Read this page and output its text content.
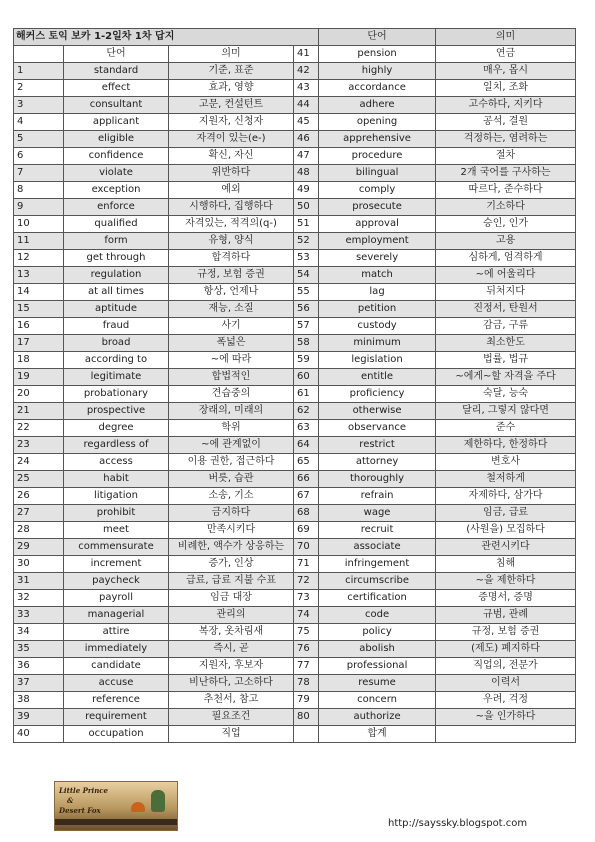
해커스 토익 보카 1-2일차 1차 답지				단어	의미
	단어	의미	41	pension	연금
1	standard	기준, 표준	42	highly	매우, 몹시
2	effect	효과, 영향	43	accordance	일치, 조화
3	consultant	고문, 컨설턴트	44	adhere	고수하다, 지키다
4	applicant	지원자, 신청자	45	opening	공석, 결원
5	eligible	자격이 있는(e-)	46	apprehensive	걱정하는, 염려하는
6	confidence	확신, 자신	47	procedure	절차
7	violate	위반하다	48	bilingual	2개 국어를 구사하는
8	exception	예외	49	comply	따르다, 준수하다
9	enforce	시행하다, 집행하다	50	prosecute	기소하다
10	qualified	자격있는, 적격의(q-)	51	approval	승인, 인가
11	form	유형, 양식	52	employment	고용
12	get through	합격하다	53	severely	심하게, 엄격하게
13	regulation	규정, 보험 증권	54	match	~에 어울리다
14	at all times	항상, 언제나	55	lag	뒤처지다
15	aptitude	재능, 소질	56	petition	진정서, 탄원서
16	fraud	사기	57	custody	감금, 구류
17	broad	폭넓은	58	minimum	최소한도
18	according to	~에 따라	59	legislation	법률, 법규
19	legitimate	합법적인	60	entitle	~에게~할 자격을 주다
20	probationary	견습중의	61	proficiency	숙달, 능숙
21	prospective	장래의, 미래의	62	otherwise	달리, 그렇지 않다면
22	degree	학위	63	observance	준수
23	regardless of	~에 관계없이	64	restrict	제한하다, 한정하다
24	access	이용 권한, 접근하다	65	attorney	변호사
25	habit	버릇, 습관	66	thoroughly	철저하게
26	litigation	소송, 기소	67	refrain	자제하다, 삼가다
27	prohibit	금지하다	68	wage	임금, 급료
28	meet	만족시키다	69	recruit	(사원을) 모집하다
29	commensurate	비례한, 액수가 상응하는	70	associate	관련시키다
30	increment	증가, 인상	71	infringement	침해
31	paycheck	급료, 급료 지불 수표	72	circumscribe	~을 제한하다
32	payroll	임금 대장	73	certification	증명서, 증명
33	managerial	관리의	74	code	규범, 관례
34	attire	복장, 옷차림새	75	policy	규정, 보험 증권
35	immediately	즉시, 곧	76	abolish	(제도) 폐지하다
36	candidate	지원자, 후보자	77	professional	직업의, 전문가
37	accuse	비난하다, 고소하다	78	resume	이력서
38	reference	추천서, 참고	79	concern	우려, 걱정
39	requirement	필요조건	80	authorize	~을 인가하다
40	occupation	직업		합계	
Little Prince
&
Desert Fox
http://sayssky.blogspot.com
